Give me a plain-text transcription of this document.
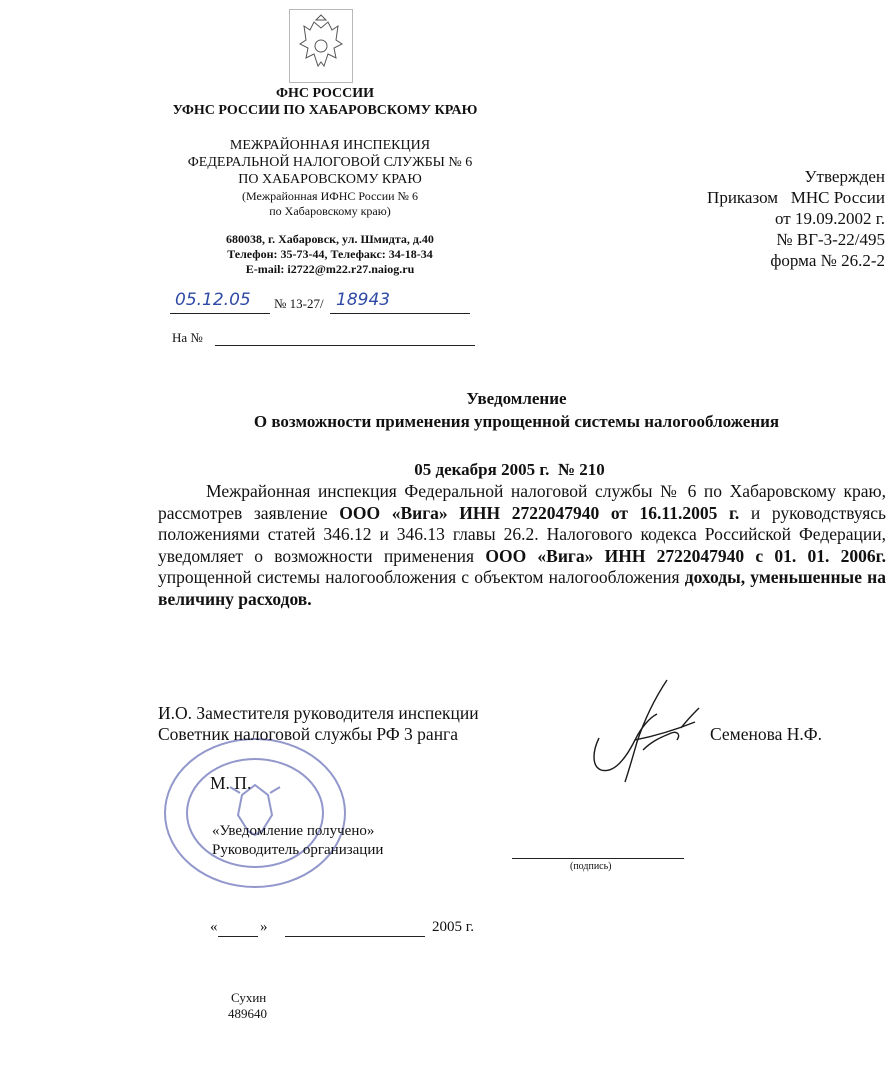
ФНС РОССИИ
УФНС РОССИИ ПО ХАБАРОВСКОМУ КРАЮ
МЕЖРАЙОННАЯ ИНСПЕКЦИЯ
ФЕДЕРАЛЬНОЙ НАЛОГОВОЙ СЛУЖБЫ № 6
ПО ХАБАРОВСКОМУ КРАЮ
(Межрайонная ИФНС России № 6
по Хабаровскому краю)
680038, г. Хабаровск, ул. Шмидта, д.40
Телефон: 35-73-44, Телефакс: 34-18-34
E-mail: i2722@m22.r27.naiog.ru
05.12.05 № 13-27/ 18943
На №
Утвержден
Приказом   МНС России
от 19.09.2002 г.
№ ВГ-3-22/495
форма № 26.2-2
Уведомление
О возможности применения упрощенной системы налогообложения
05 декабря 2005 г.  № 210
Межрайонная инспекция Федеральной налоговой службы № 6 по Хабаровскому краю, рассмотрев заявление ООО «Вига» ИНН 2722047940 от 16.11.2005 г. и руководствуясь положениями статей 346.12 и 346.13 главы 26.2. Налогового кодекса Российской Федерации, уведомляет о возможности применения ООО «Вига» ИНН 2722047940 с 01. 01. 2006г. упрощенной системы налогообложения с объектом налогообложения доходы, уменьшенные на величину расходов.
И.О. Заместителя руководителя инспекции
Советник налоговой службы РФ 3 ранга	Семенова Н.Ф.
М. П.
«Уведомление получено»
Руководитель организации
(подпись)
«	»	2005 г.
Сухин
489640
